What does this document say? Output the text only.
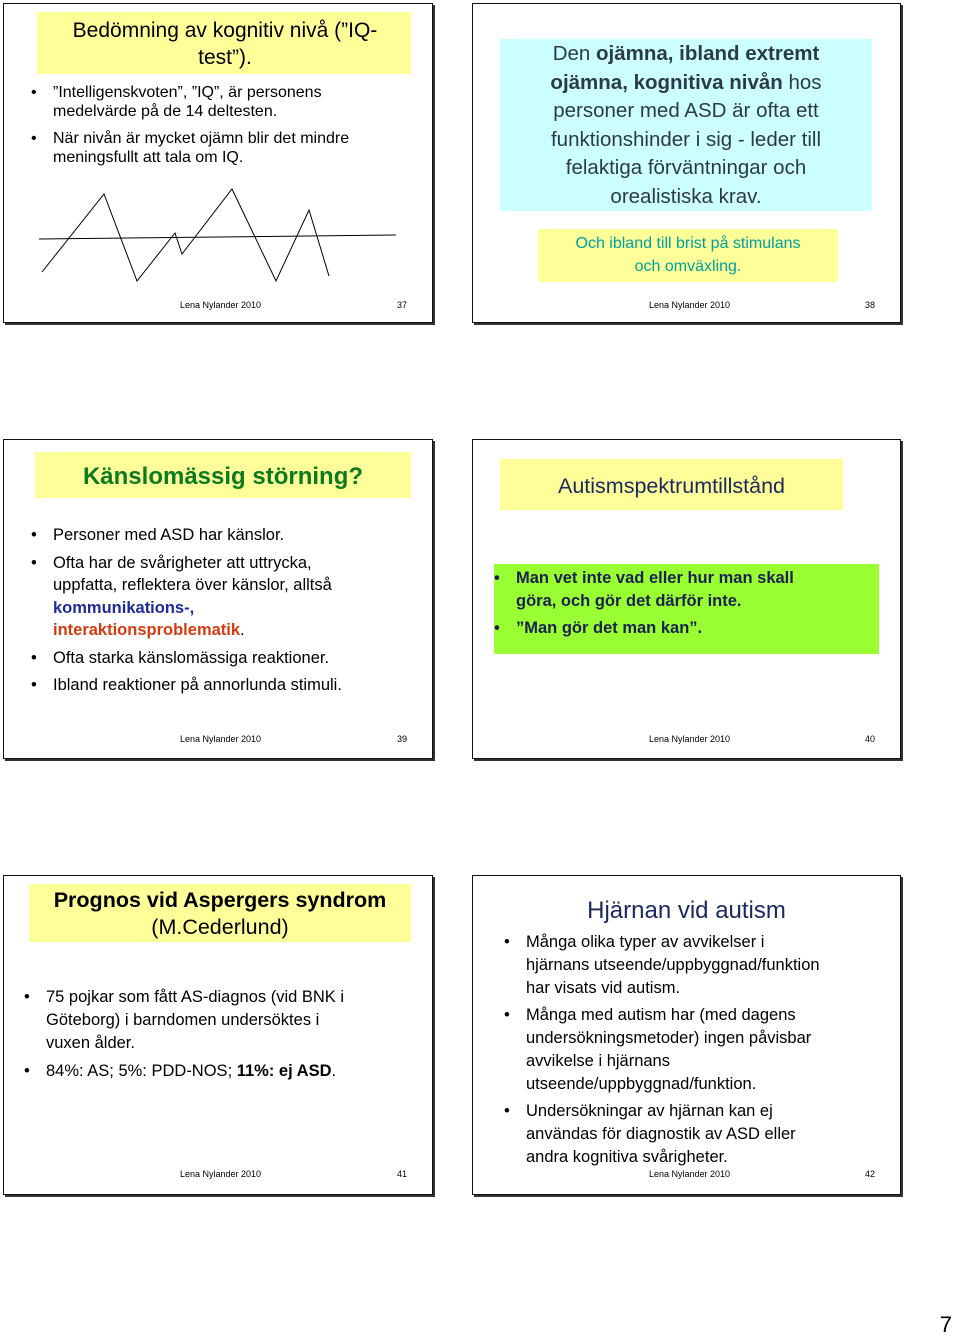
Bedömning av kognitiv nivå (”IQ-
test”).
• ”Intelligenskvoten”, ”IQ”, är personens
medelvärde på de 14 deltesten.
• När nivån är mycket ojämn blir det mindre
meningsfullt att tala om IQ.
Lena Nylander 2010	37
Den ojämna, ibland extremt
ojämna, kognitiva nivån hos
personer med ASD är ofta ett
funktionshinder i sig - leder till
felaktiga förväntningar och
orealistiska krav.
Och ibland till brist på stimulans
och omväxling.
Lena Nylander 2010	38
Känslomässig störning?
• Personer med ASD har känslor.
• Ofta har de svårigheter att uttrycka,
uppfatta, reflektera över känslor, alltså
kommunikations-,
interaktionsproblematik.
• Ofta starka känslomässiga reaktioner.
• Ibland reaktioner på annorlunda stimuli.
Lena Nylander 2010	39
Autismspektrumtillstånd
• Man vet inte vad eller hur man skall
göra, och gör det därför inte.
• ”Man gör det man kan”.
Lena Nylander 2010	40
Prognos vid Aspergers syndrom
(M.Cederlund)
• 75 pojkar som fått AS-diagnos (vid BNK i
Göteborg) i barndomen undersöktes i
vuxen ålder.
• 84%: AS; 5%: PDD-NOS; 11%: ej ASD.
Lena Nylander 2010	41
Hjärnan vid autism
• Många olika typer av avvikelser i
hjärnans utseende/uppbyggnad/funktion
har visats vid autism.
• Många med autism har (med dagens
undersökningsmetoder) ingen påvisbar
avvikelse i hjärnans
utseende/uppbyggnad/funktion.
• Undersökningar av hjärnan kan ej
användas för diagnostik av ASD eller
andra kognitiva svårigheter.
Lena Nylander 2010	42
7
